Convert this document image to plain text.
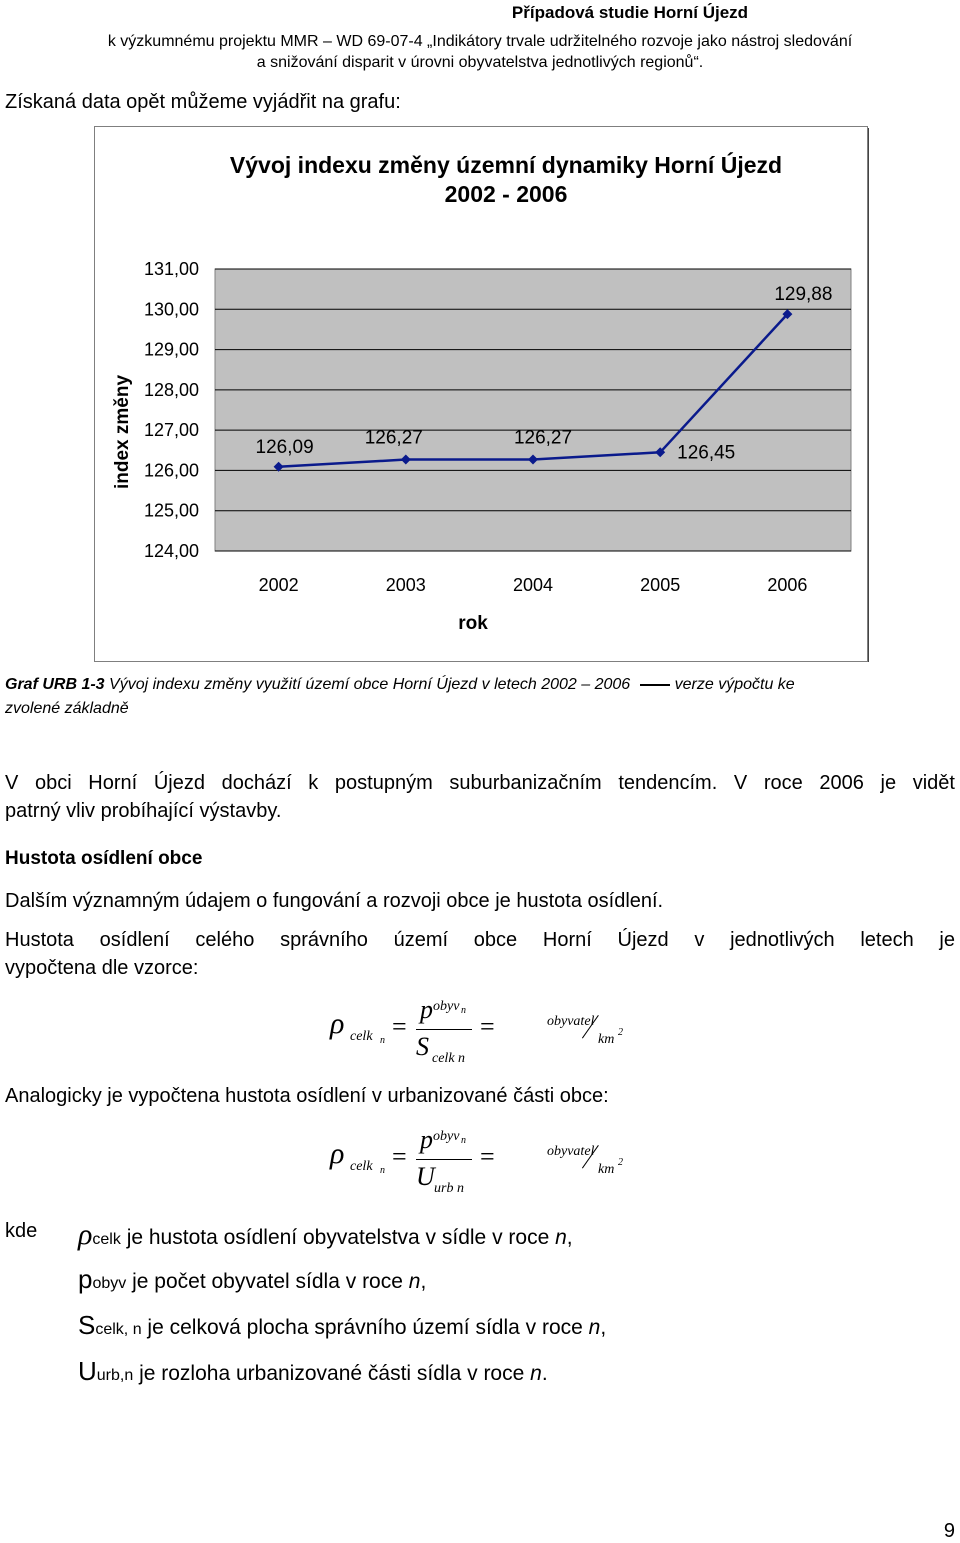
Případová studie Horní Újezd
k výzkumnému projektu MMR – WD 69-07-4 „Indikátory trvale udržitelného rozvoje jako nástroj sledování
a snižování disparit v úrovni obyvatelstva jednotlivých regionů“.
Získaná data opět můžeme vyjádřit na grafu:
Vývoj indexu změny územní dynamiky Horní Újezd
2002 - 2006
124,00
125,00
126,00
127,00
128,00
129,00
130,00
131,00
2002	2003	2004	2005	2006
126,09	126,27	126,27
126,45
129,88
rok
index změny
Graf URB 1-3 Vývoj indexu změny využití území obce Horní Újezd v letech 2002 – 2006	verze výpočtu ke
zvolené základně
V obci Horní Újezd dochází k postupným suburbanizačním tendencím. V roce 2006 je vidět
patrný vliv probíhající výstavby.
Hustota osídlení obce
Dalším významným údajem o fungování a rozvoji obce je hustota osídlení.
Hustota osídlení celého správního území obce Horní Újezd v jednotlivých letech je
vypočtena dle vzorce:
ρ celk n =
p obyv n
S celk n
=	obyvatel
km 2
Analogicky je vypočtena hustota osídlení v urbanizované části obce:
ρ celk n =
p obyv n
U urb n
=	obyvatel
km 2
kde ρcelk je hustota osídlení obyvatelstva v sídle v roce n,
pobyv je počet obyvatel sídla v roce n,
Scelk, n je celková plocha správního území sídla v roce n,
Uurb,n je rozloha urbanizované části sídla v roce n.
9
